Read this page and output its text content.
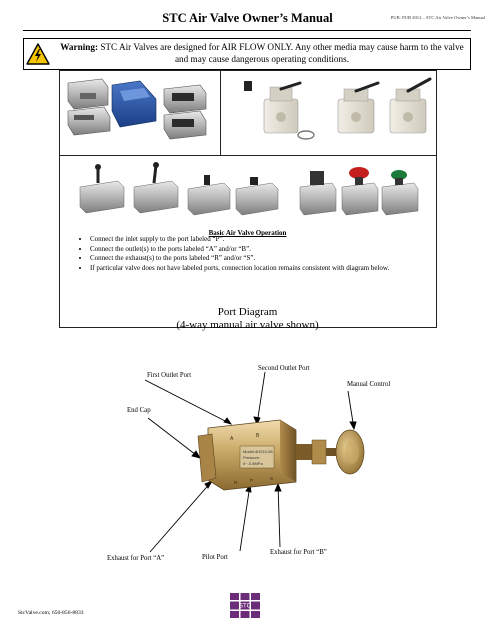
STC Air Valve Owner’s Manual	PUB: PUB 2012 – STC Air Valve Owner’s Manual
Warning: STC Air Valves are designed for AIR FLOW ONLY. Any other media may cause harm to the valve and may cause dangerous operating conditions.
Basic Air Valve Operation
• Connect the inlet supply to the port labeled “P”.
• Connect the outlet(s) to the ports labeled “A” and/or “B”.
• Connect the exhaust(s) to the ports labeled “R” and/or “S”.
• If particular valve does not have labeled ports, connection location remains consistent with diagram below.
Port Diagram
(4-way manual air valve shown)
Model:4H210-08
Pressure:
0~-0.8MPa
A	B
R	P	S
First Outlet Port
Second Outlet Port
Manual Control
End Cap
Exhaust for Port “A”	Pilot Port
Exhaust for Port “B”
StcValve.com; 650-856-8833
STC
